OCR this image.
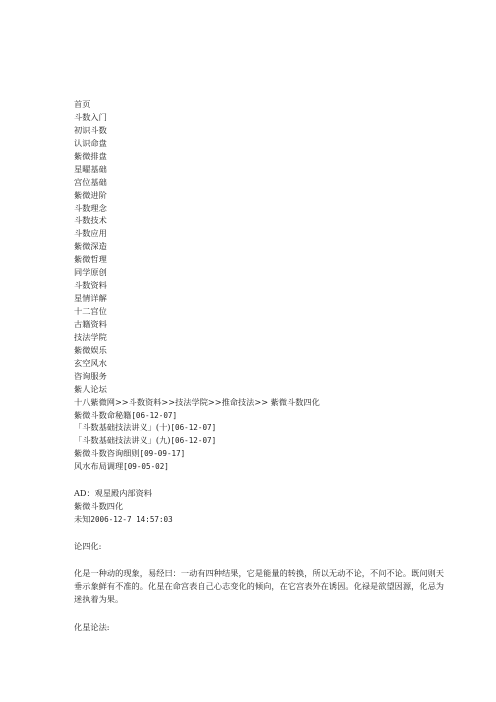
首页
斗数入门
初识斗数
认识命盘
紫微排盘
星曜基础
宫位基础
紫微进阶
斗数理念
斗数技术
斗数应用
紫微深造
紫微哲理
同学原创
斗数资料
星情详解
十二宫位
古籍资料
技法学院
紫微娱乐
玄空风水
咨询服务
紫人论坛
十八紫微网>>斗数资料>>技法学院>>推命技法>> 紫微斗数四化
紫微斗数命秘籍[06-12-07]
「斗数基础技法讲义」(十)[06-12-07]
「斗数基础技法讲义」(九)[06-12-07]
紫微斗数咨询细则[09-09-17]
风水布局调理[09-05-02]
AD：观星殿内部资料
紫微斗数四化
未知2006-12-7 14:57:03
论四化:
化是一种动的现象，易经曰：一动有四种结果，它是能量的转换，所以无动不论，不问不论。既问则天垂示象鲜有不准的。化星在命宫表自己心志变化的倾向，在它宫表外在诱因。化禄是欲望因源，化忌为迷执着为果。
化星论法:
